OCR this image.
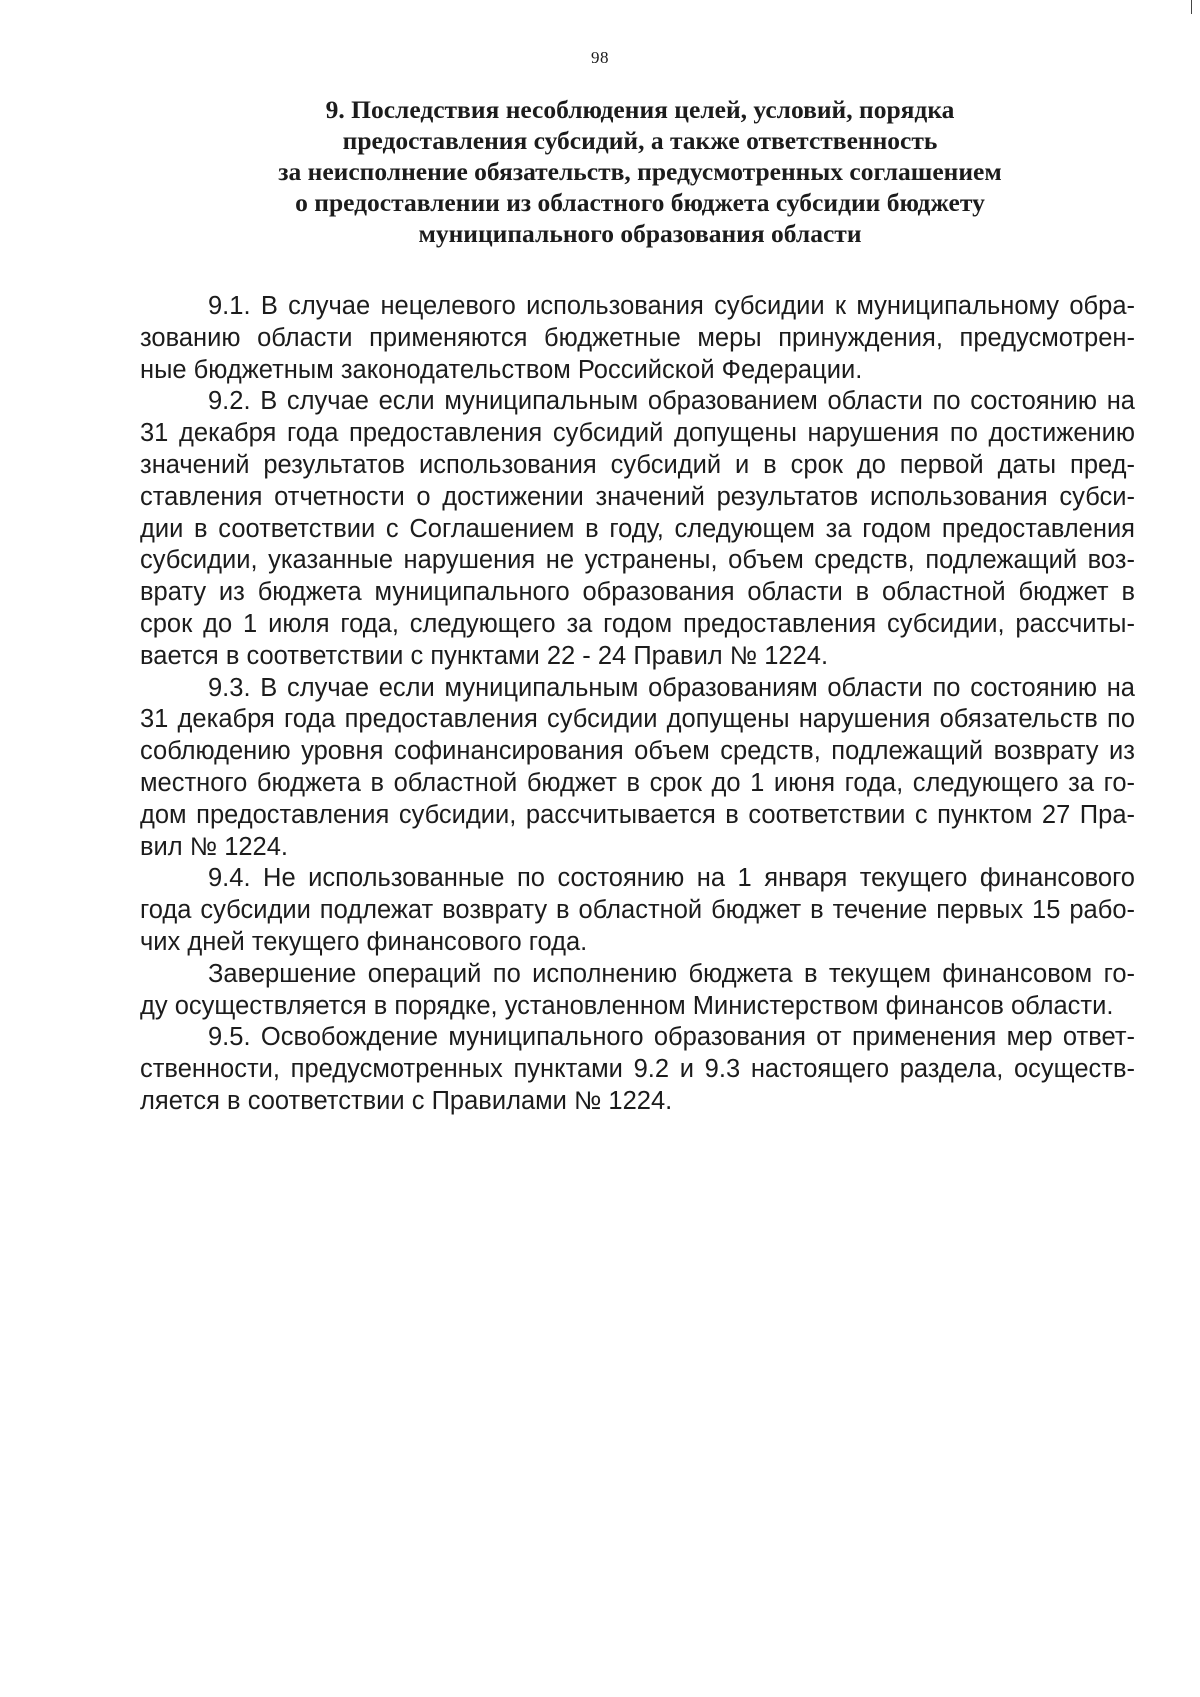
98
9. Последствия несоблюдения целей, условий, порядка
предоставления субсидий, а также ответственность
за неисполнение обязательств, предусмотренных соглашением
о предоставлении из областного бюджета субсидии бюджету
муниципального образования области

9.1. В случае нецелевого использования субсидии к муниципальному обра-
зованию области применяются бюджетные меры принуждения, предусмотрен-
ные бюджетным законодательством Российской Федерации.

9.2. В случае если муниципальным образованием области по состоянию на
31 декабря года предоставления субсидий допущены нарушения по достижению
значений результатов использования субсидий и в срок до первой даты пред-
ставления отчетности о достижении значений результатов использования субси-
дии в соответствии с Соглашением в году, следующем за годом предоставления
субсидии, указанные нарушения не устранены, объем средств, подлежащий воз-
врату из бюджета муниципального образования области в областной бюджет в
срок до 1 июля года, следующего за годом предоставления субсидии, рассчиты-
вается в соответствии с пунктами 22 - 24 Правил № 1224.

9.3. В случае если муниципальным образованиям области по состоянию на
31 декабря года предоставления субсидии допущены нарушения обязательств по
соблюдению уровня софинансирования объем средств, подлежащий возврату из
местного бюджета в областной бюджет в срок до 1 июня года, следующего за го-
дом предоставления субсидии, рассчитывается в соответствии с пунктом 27 Пра-
вил № 1224.

9.4. Не использованные по состоянию на 1 января текущего финансового
года субсидии подлежат возврату в областной бюджет в течение первых 15 рабо-
чих дней текущего финансового года.

Завершение операций по исполнению бюджета в текущем финансовом го-
ду осуществляется в порядке, установленном Министерством финансов области.

9.5. Освобождение муниципального образования от применения мер ответ-
ственности, предусмотренных пунктами 9.2 и 9.3 настоящего раздела, осуществ-
ляется в соответствии с Правилами № 1224.
